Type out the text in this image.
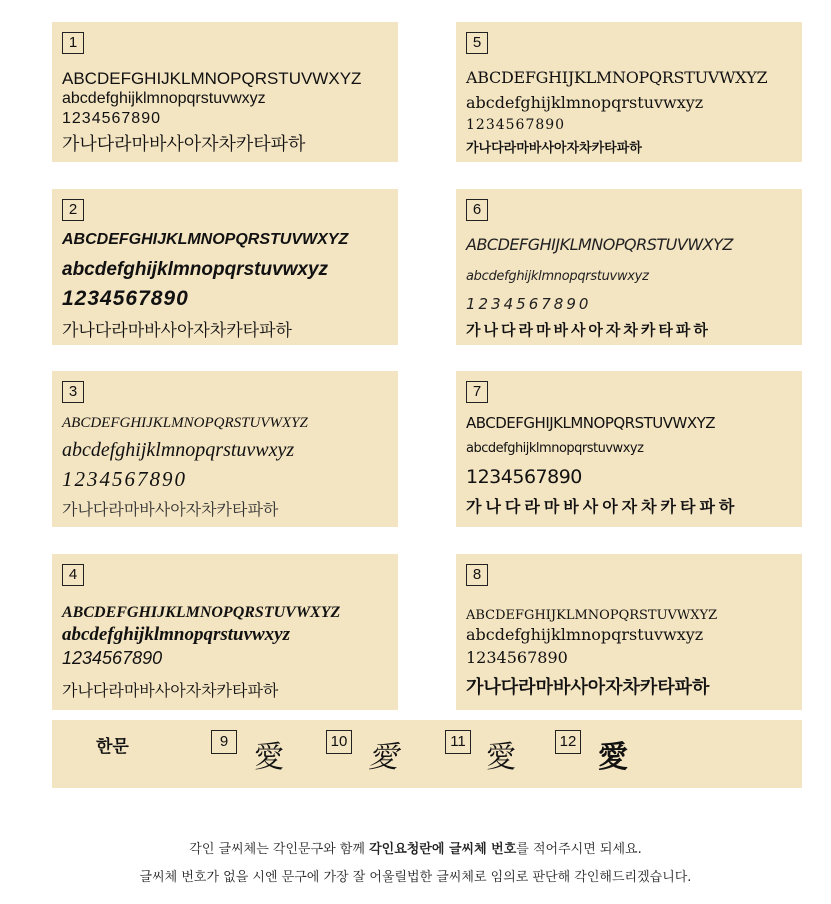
1
ABCDEFGHIJKLMNOPQRSTUVWXYZ
abcdefghijklmnopqrstuvwxyz
1234567890
가나다라마바사아자차카타파하
2
ABCDEFGHIJKLMNOPQRSTUVWXYZ
abcdefghijklmnopqrstuvwxyz
1234567890
가나다라마바사아자차카타파하
3
ABCDEFGHIJKLMNOPQRSTUVWXYZ
abcdefghijklmnopqrstuvwxyz
1234567890
가나다라마바사아자차카타파하
4
ABCDEFGHIJKLMNOPQRSTUVWXYZ
abcdefghijklmnopqrstuvwxyz
1234567890
가나다라마바사아자차카타파하
5
ABCDEFGHIJKLMNOPQRSTUVWXYZ
abcdefghijklmnopqrstuvwxyz
1234567890
가나다라마바사아자차카타파하
6
ABCDEFGHIJKLMNOPQRSTUVWXYZ
abcdefghijklmnopqrstuvwxyz
1234567890
가나다라마바사아자차카타파하
7
ABCDEFGHIJKLMNOPQRSTUVWXYZ
abcdefghijklmnopqrstuvwxyz
1234567890
가나다라마바사아자차카타파하
8
ABCDEFGHIJKLMNOPQRSTUVWXYZ
abcdefghijklmnopqrstuvwxyz
1234567890
가나다라마바사아자차카타파하
한문	9 愛	10 愛	11 愛	12 愛
각인 글씨체는 각인문구와 함께 각인요청란에 글씨체 번호를 적어주시면 되세요.
글씨체 번호가 없을 시엔 문구에 가장 잘 어울릴법한 글씨체로 임의로 판단해 각인해드리겠습니다.
